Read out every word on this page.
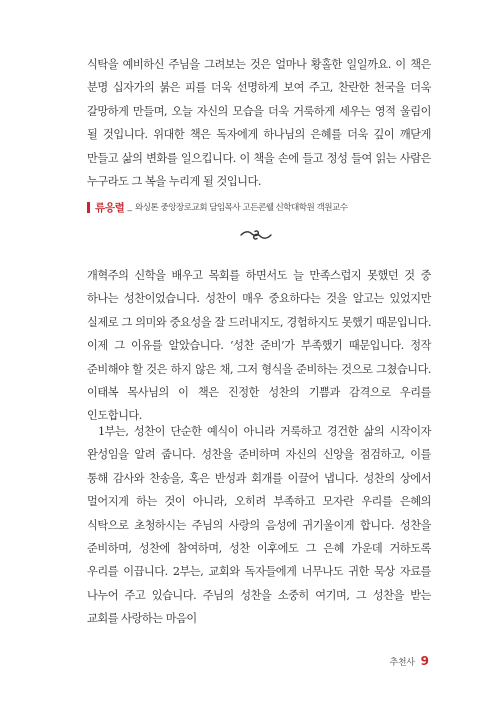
식탁을 예비하신 주님을 그려보는 것은 얼마나 황홀한 일일까요. 이 책은 분명 십자가의 붉은 피를 더욱 선명하게 보여 주고, 찬란한 천국을 더욱 갈망하게 만들며, 오늘 자신의 모습을 더욱 거룩하게 세우는 영적 울림이 될 것입니다. 위대한 책은 독자에게 하나님의 은혜를 더욱 깊이 깨닫게 만들고 삶의 변화를 일으킵니다. 이 책을 손에 들고 정성 들여 읽는 사람은 누구라도 그 복을 누리게 될 것입니다.

류응렬 _ 와싱톤 중앙장로교회 담임목사 고든콘웰 신학대학원 객원교수

개혁주의 신학을 배우고 목회를 하면서도 늘 만족스럽지 못했던 것 중 하나는 성찬이었습니다. 성찬이 매우 중요하다는 것을 알고는 있었지만 실제로 그 의미와 중요성을 잘 드러내지도, 경험하지도 못했기 때문입니다. 이제 그 이유를 알았습니다. ‘성찬 준비’가 부족했기 때문입니다. 정작 준비해야 할 것은 하지 않은 채, 그저 형식을 준비하는 것으로 그쳤습니다. 이태복 목사님의 이 책은 진정한 성찬의 기쁨과 감격으로 우리를 인도합니다.

1부는, 성찬이 단순한 예식이 아니라 거룩하고 경건한 삶의 시작이자 완성임을 알려 줍니다. 성찬을 준비하며 자신의 신앙을 점검하고, 이를 통해 감사와 찬송을, 혹은 반성과 회개를 이끌어 냅니다. 성찬의 상에서 멀어지게 하는 것이 아니라, 오히려 부족하고 모자란 우리를 은혜의 식탁으로 초청하시는 주님의 사랑의 음성에 귀기울이게 합니다. 성찬을 준비하며, 성찬에 참여하며, 성찬 이후에도 그 은혜 가운데 거하도록 우리를 이끕니다. 2부는, 교회와 독자들에게 너무나도 귀한 묵상 자료를 나누어 주고 있습니다. 주님의 성찬을 소중히 여기며, 그 성찬을 받는 교회를 사랑하는 마음이

추천사 9
